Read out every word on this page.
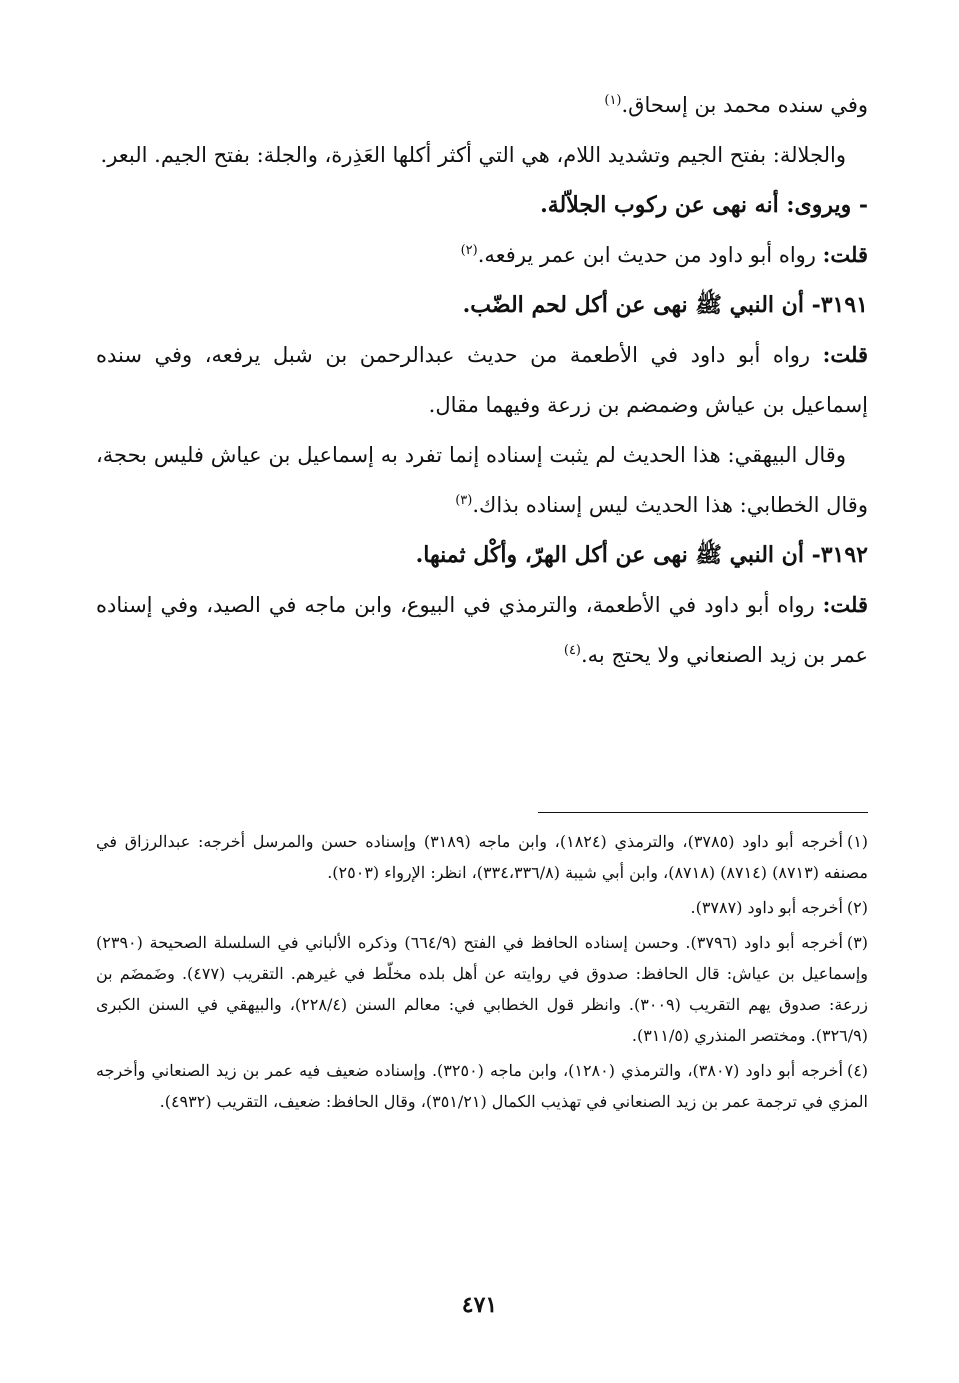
وفي سنده محمد بن إسحاق.$^{(١)}$

والجلالة: بفتح الجيم وتشديد اللام، هي التي أكثر أكلها العَذِرة، والجلة: بفتح الجيم. البعر.

- ويروى: أنه نهى عن ركوب الجلاّلة.

قلت: رواه أبو داود من حديث ابن عمر يرفعه.$^{(٢)}$

٣١٩١- أن النبي ﷺ نهى عن أكل لحم الضّب.

قلت: رواه أبو داود في الأطعمة من حديث عبدالرحمن بن شبل يرفعه، وفي سنده إسماعيل بن عياش وضمضم بن زرعة وفيهما مقال.

وقال البيهقي: هذا الحديث لم يثبت إسناده إنما تفرد به إسماعيل بن عياش فليس بحجة، وقال الخطابي: هذا الحديث ليس إسناده بذاك.$^{(٣)}$

٣١٩٢- أن النبي ﷺ نهى عن أكل الهرّ، وأكْل ثمنها.

قلت: رواه أبو داود في الأطعمة، والترمذي في البيوع، وابن ماجه في الصيد، وفي إسناده عمر بن زيد الصنعاني ولا يحتج به.$^{(٤)}$

(١)أخرجه أبو داود (٣٧٨٥)، والترمذي (١٨٢٤)، وابن ماجه (٣١٨٩) وإسناده حسن والمرسل أخرجه: عبدالرزاق في مصنفه (٨٧١٣) (٨٧١٤) (٨٧١٨)، وابن أبي شيبة (٣٣٤،٣٣٦/٨)، انظر: الإرواء (٢٥٠٣).

(٢)أخرجه أبو داود (٣٧٨٧).

(٣)أخرجه أبو داود (٣٧٩٦). وحسن إسناده الحافظ في الفتح (٦٦٤/٩) وذكره الألباني في السلسلة الصحيحة (٢٣٩٠) وإسماعيل بن عياش: قال الحافظ: صدوق في روايته عن أهل بلده مخلّط في غيرهم. التقريب (٤٧٧). وضَمضَم بن زرعة: صدوق يهم التقريب (٣٠٠٩). وانظر قول الخطابي في: معالم السنن (٢٢٨/٤)، والبيهقي في السنن الكبرى (٣٢٦/٩). ومختصر المنذري (٣١١/٥).

(٤)أخرجه أبو داود (٣٨٠٧)، والترمذي (١٢٨٠)، وابن ماجه (٣٢٥٠). وإسناده ضعيف فيه عمر بن زيد الصنعاني وأخرجه المزي في ترجمة عمر بن زيد الصنعاني في تهذيب الكمال (٣٥١/٢١)، وقال الحافظ: ضعيف، التقريب (٤٩٣٢).

٤٧١
